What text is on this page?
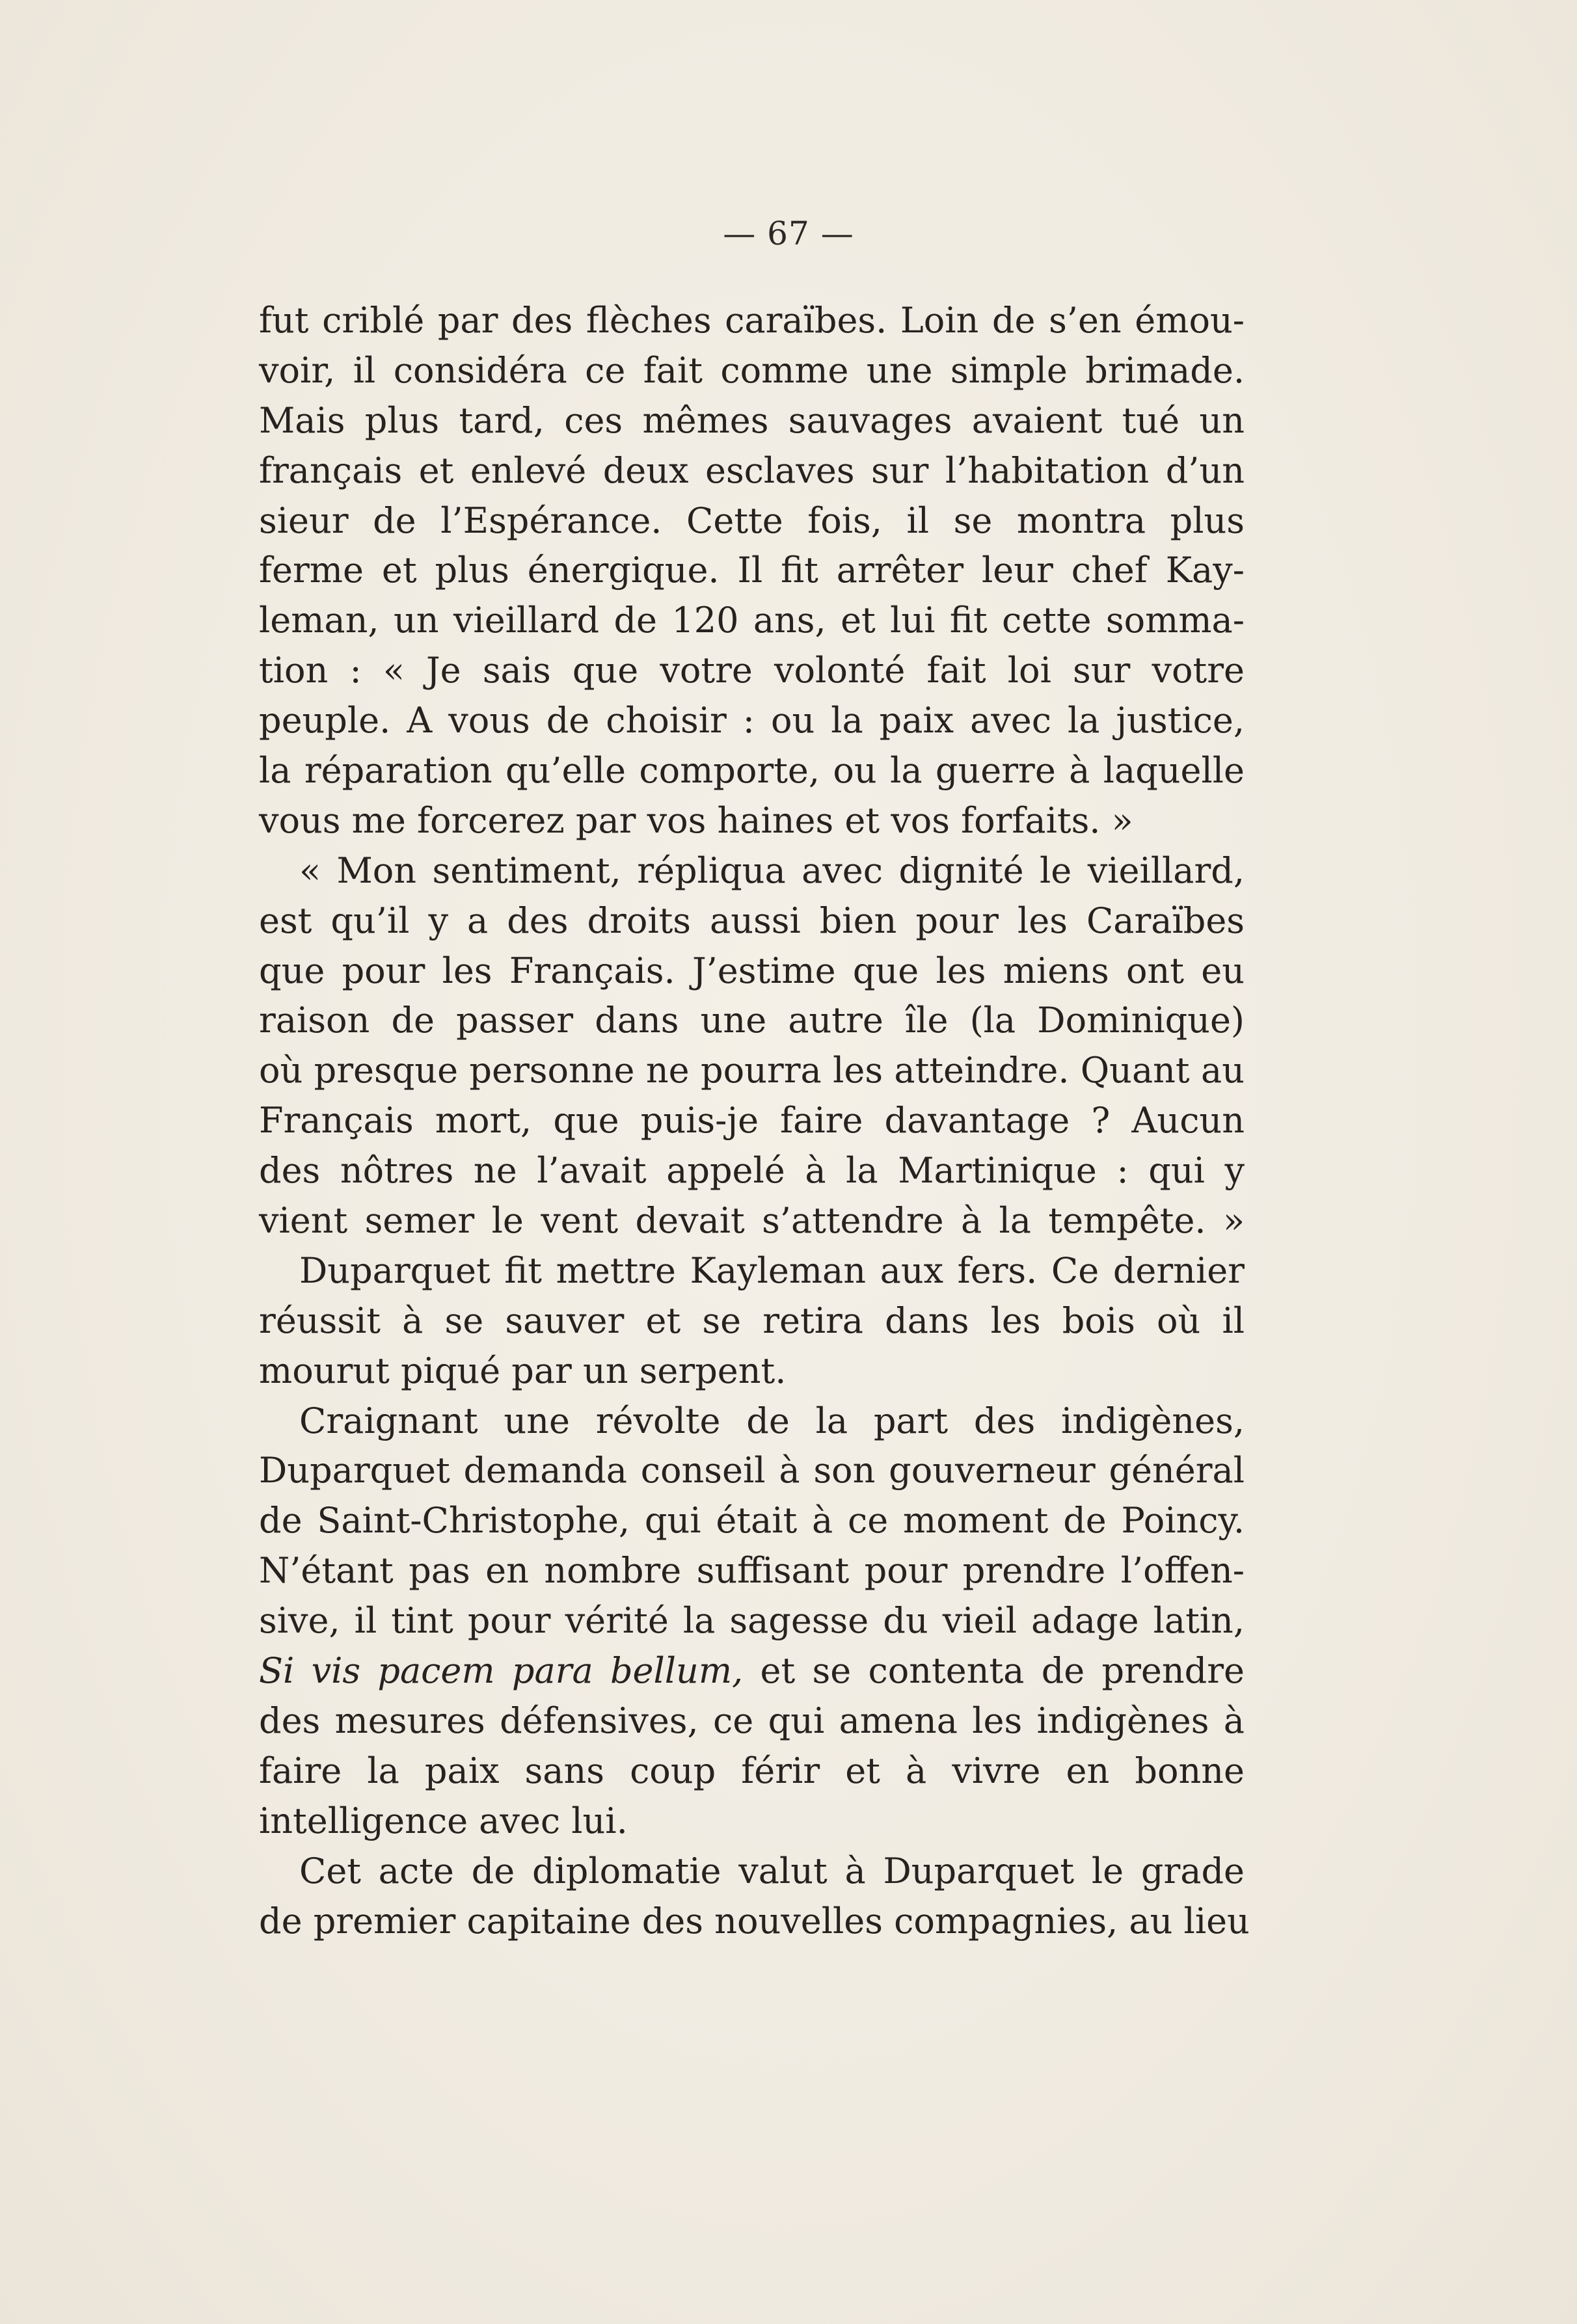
— 67 —
fut criblé par des flèches caraïbes. Loin de s’en émou-
voir, il considéra ce fait comme une simple brimade.
Mais plus tard, ces mêmes sauvages avaient tué un
français et enlevé deux esclaves sur l’habitation d’un
sieur de l’Espérance. Cette fois, il se montra plus
ferme et plus énergique. Il fit arrêter leur chef Kay-
leman, un vieillard de 120 ans, et lui fit cette somma-
tion : « Je sais que votre volonté fait loi sur votre
peuple. A vous de choisir : ou la paix avec la justice,
la réparation qu’elle comporte, ou la guerre à laquelle
vous me forcerez par vos haines et vos forfaits. »
« Mon sentiment, répliqua avec dignité le vieillard,
est qu’il y a des droits aussi bien pour les Caraïbes
que pour les Français. J’estime que les miens ont eu
raison de passer dans une autre île (la Dominique)
où presque personne ne pourra les atteindre. Quant au
Français mort, que puis-je faire davantage ? Aucun
des nôtres ne l’avait appelé à la Martinique : qui y
vient semer le vent devait s’attendre à la tempête. »
Duparquet fit mettre Kayleman aux fers. Ce dernier
réussit à se sauver et se retira dans les bois où il
mourut piqué par un serpent.
Craignant une révolte de la part des indigènes,
Duparquet demanda conseil à son gouverneur général
de Saint-Christophe, qui était à ce moment de Poincy.
N’étant pas en nombre suffisant pour prendre l’offen-
sive, il tint pour vérité la sagesse du vieil adage latin,
Si vis pacem para bellum, et se contenta de prendre
des mesures défensives, ce qui amena les indigènes à
faire la paix sans coup férir et à vivre en bonne
intelligence avec lui.
Cet acte de diplomatie valut à Duparquet le grade
de premier capitaine des nouvelles compagnies, au lieu
